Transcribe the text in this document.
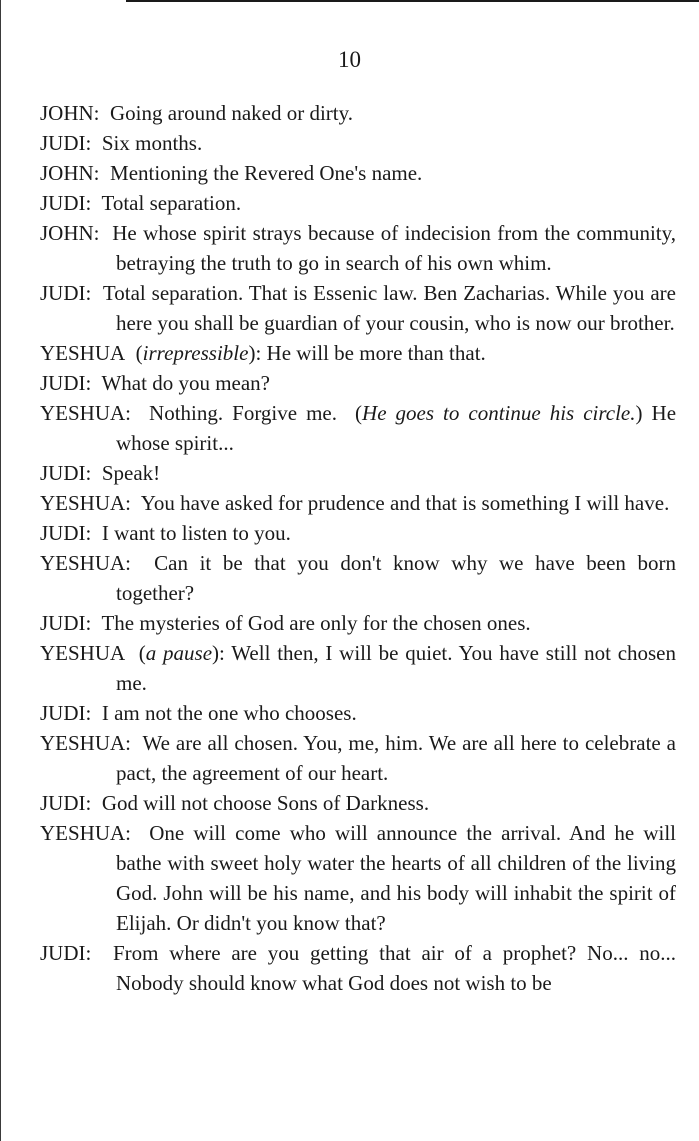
10

JOHN: Going around naked or dirty.

JUDI: Six months.

JOHN: Mentioning the Revered One's name.

JUDI: Total separation.

JOHN: He whose spirit strays because of indecision from the community, betraying the truth to go in search of his own whim.

JUDI: Total separation. That is Essenic law. Ben Zacharias. While you are here you shall be guardian of your cousin, who is now our brother.

YESHUA (irrepressible): He will be more than that.

JUDI: What do you mean?

YESHUA: Nothing. Forgive me. (He goes to continue his circle.) He whose spirit...

JUDI: Speak!

YESHUA: You have asked for prudence and that is something I will have.

JUDI: I want to listen to you.

YESHUA: Can it be that you don't know why we have been born together?

JUDI: The mysteries of God are only for the chosen ones.

YESHUA (a pause): Well then, I will be quiet. You have still not chosen me.

JUDI: I am not the one who chooses.

YESHUA: We are all chosen. You, me, him. We are all here to celebrate a pact, the agreement of our heart.

JUDI: God will not choose Sons of Darkness.

YESHUA: One will come who will announce the arrival. And he will bathe with sweet holy water the hearts of all children of the living God. John will be his name, and his body will inhabit the spirit of Elijah. Or didn't you know that?

JUDI: From where are you getting that air of a prophet? No... no... Nobody should know what God does not wish to be
